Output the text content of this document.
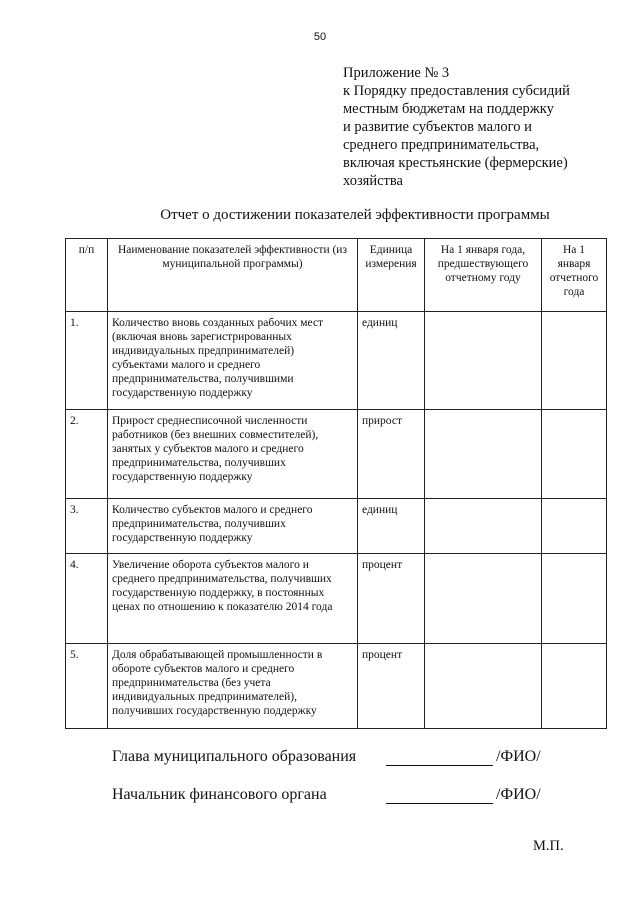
50
Приложение № 3
к Порядку предоставления субсидий
местным бюджетам на поддержку
и развитие субъектов малого и
среднего предпринимательства,
включая крестьянские (фермерские)
хозяйства
Отчет о достижении показателей эффективности программы
п/п	Наименование показателей эффективности (из муниципальной программы)	Единица измерения	На 1 января года, предшествующего отчетному году	На 1 января отчетного года
1.	Количество вновь созданных рабочих мест (включая вновь зарегистрированных индивидуальных предпринимателей) субъектами малого и среднего предпринимательства, получившими государственную поддержку	единиц		
2.	Прирост среднесписочной численности работников (без внешних совместителей), занятых у субъектов малого и среднего предпринимательства, получивших государственную поддержку	прирост		
3.	Количество субъектов малого и среднего предпринимательства, получивших государственную поддержку	единиц		
4.	Увеличение оборота субъектов малого и среднего предпринимательства, получивших государственную поддержку, в постоянных ценах по отношению к показателю 2014 года	процент		
5.	Доля обрабатывающей промышленности в обороте субъектов малого и среднего предпринимательства (без учета индивидуальных предпринимателей), получивших государственную поддержку	процент		
Глава муниципального образования	/ФИО/
Начальник финансового органа	/ФИО/
М.П.
